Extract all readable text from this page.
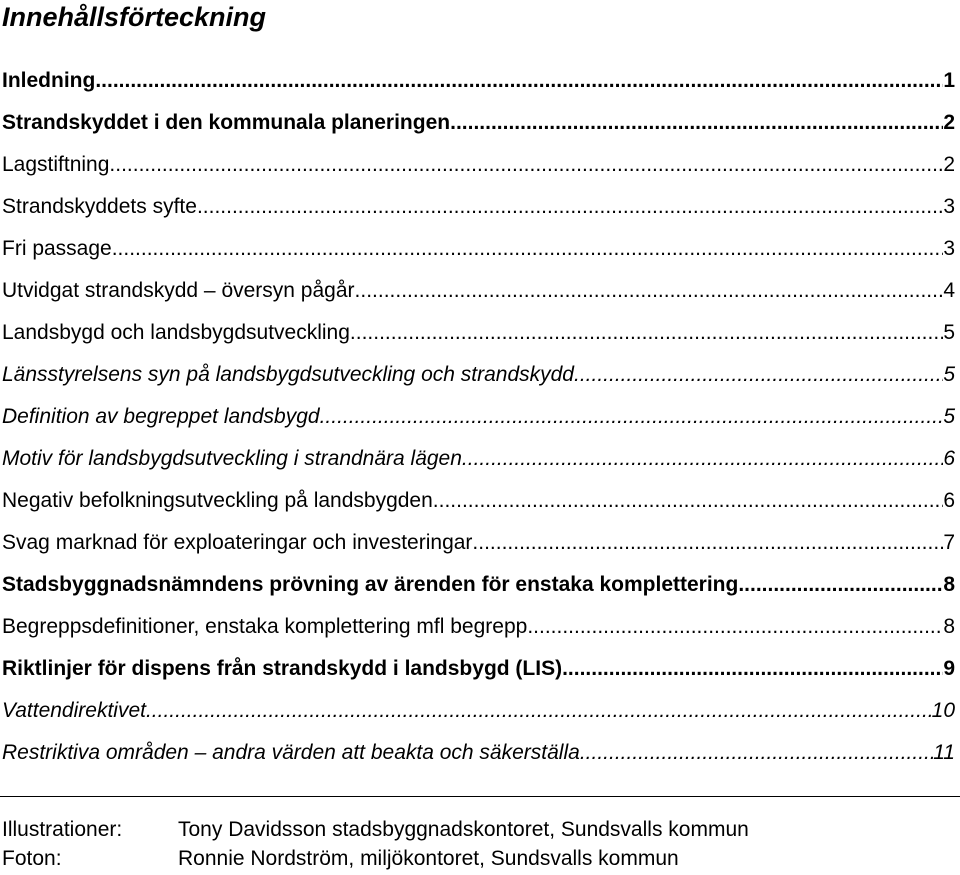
Innehållsförteckning
Inledning .....	1
Strandskyddet i den kommunala planeringen .....	2
Lagstiftning .....	2
Strandskyddets syfte .....	3
Fri passage .....	3
Utvidgat strandskydd – översyn pågår .....	4
Landsbygd och landsbygdsutveckling .....	5
Länsstyrelsens syn på landsbygdsutveckling och strandskydd .....	5
Definition av begreppet landsbygd .....	5
Motiv för landsbygdsutveckling i strandnära lägen .....	6
Negativ befolkningsutveckling på landsbygden .....	6
Svag marknad för exploateringar och investeringar .....	7
Stadsbyggnadsnämndens prövning av ärenden för enstaka komplettering .....	8
Begreppsdefinitioner, enstaka komplettering mfl begrepp .....	8
Riktlinjer för dispens från strandskydd i landsbygd (LIS) .....	9
Vattendirektivet .....	10
Restriktiva områden – andra värden att beakta och säkerställa .....	11
Illustrationer:	Tony Davidsson stadsbyggnadskontoret, Sundsvalls kommun
Foton:	Ronnie Nordström, miljökontoret, Sundsvalls kommun
